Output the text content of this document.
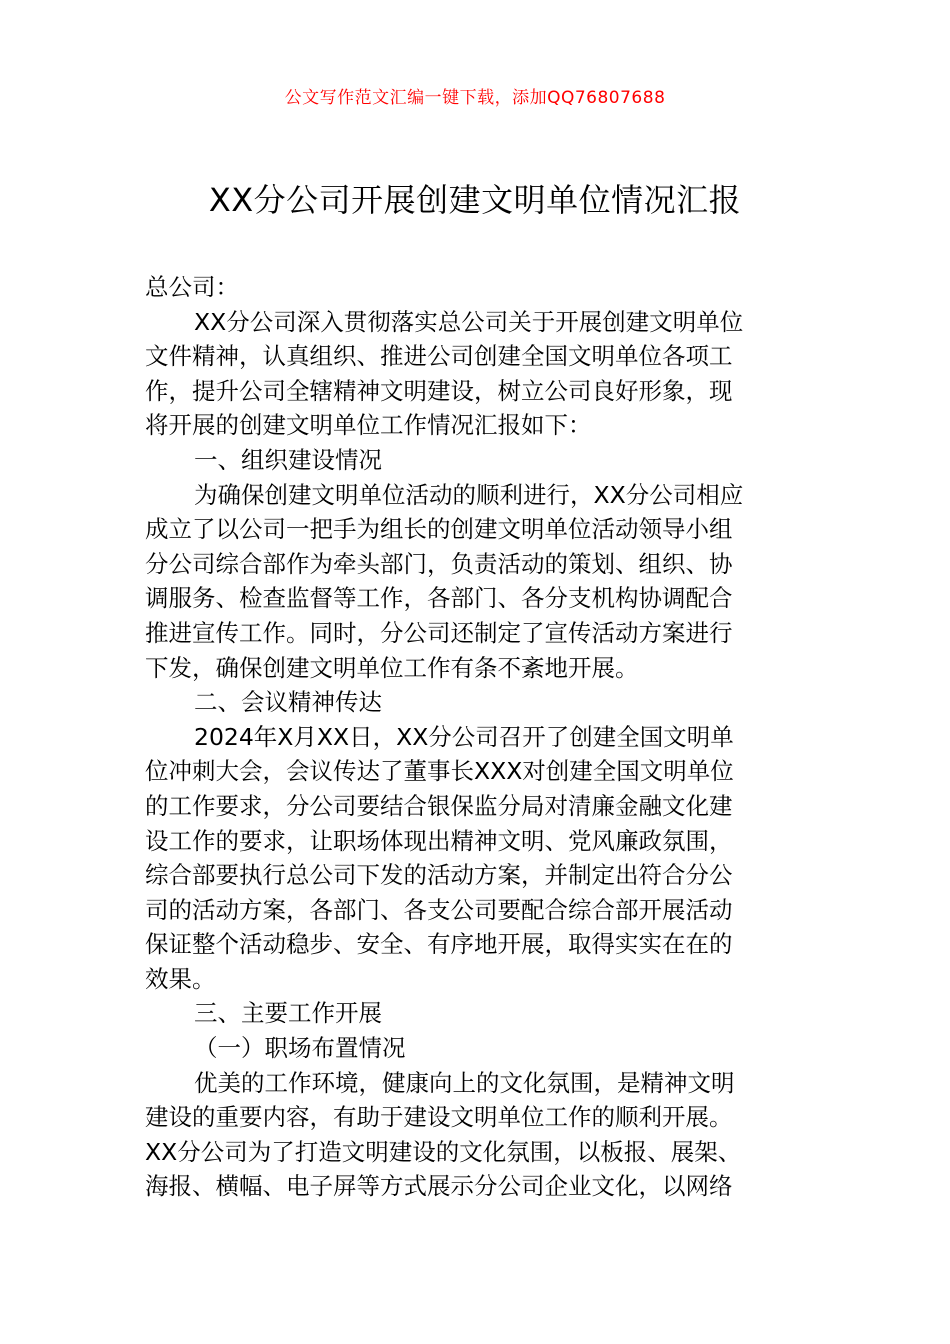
公文写作范文汇编一键下载，添加QQ76807688
XX分公司开展创建文明单位情况汇报
总公司：
XX分公司深入贯彻落实总公司关于开展创建文明单位
文件精神，认真组织、推进公司创建全国文明单位各项工
作，提升公司全辖精神文明建设，树立公司良好形象，现
将开展的创建文明单位工作情况汇报如下：
一、组织建设情况
为确保创建文明单位活动的顺利进行，XX分公司相应
成立了以公司一把手为组长的创建文明单位活动领导小组
分公司综合部作为牵头部门，负责活动的策划、组织、协
调服务、检查监督等工作，各部门、各分支机构协调配合
推进宣传工作。同时，分公司还制定了宣传活动方案进行
下发，确保创建文明单位工作有条不紊地开展。
二、会议精神传达
2024年X月XX日，XX分公司召开了创建全国文明单
位冲刺大会，会议传达了董事长XXX对创建全国文明单位
的工作要求，分公司要结合银保监分局对清廉金融文化建
设工作的要求，让职场体现出精神文明、党风廉政氛围，
综合部要执行总公司下发的活动方案，并制定出符合分公
司的活动方案，各部门、各支公司要配合综合部开展活动
保证整个活动稳步、安全、有序地开展，取得实实在在的
效果。
三、主要工作开展
（一）职场布置情况
优美的工作环境，健康向上的文化氛围，是精神文明
建设的重要内容，有助于建设文明单位工作的顺利开展。
XX分公司为了打造文明建设的文化氛围，以板报、展架、
海报、横幅、电子屏等方式展示分公司企业文化，以网络
